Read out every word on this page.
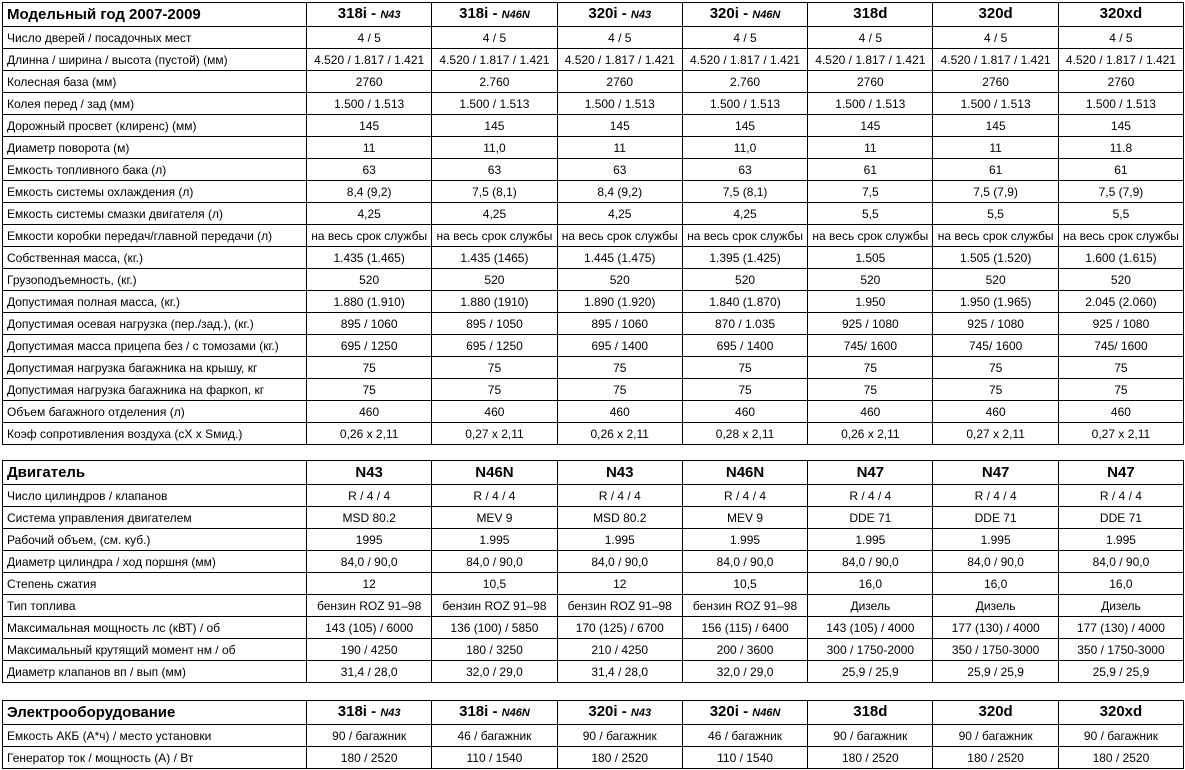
Модельный год 2007-2009	318i - N43	318i - N46N	320i - N43	320i - N46N	318d	320d	320xd
Число дверей / посадочных мест	4 / 5	4 / 5	4 / 5	4 / 5	4 / 5	4 / 5	4 / 5
Длинна / ширина / высота (пустой) (мм)	4.520 / 1.817 / 1.421	4.520 / 1.817 / 1.421	4.520 / 1.817 / 1.421	4.520 / 1.817 / 1.421	4.520 / 1.817 / 1.421	4.520 / 1.817 / 1.421	4.520 / 1.817 / 1.421
Колесная база (мм)	2760	2.760	2760	2.760	2760	2760	2760
Колея перед / зад (мм)	1.500 / 1.513	1.500 / 1.513	1.500 / 1.513	1.500 / 1.513	1.500 / 1.513	1.500 / 1.513	1.500 / 1.513
Дорожный просвет (клиренс) (мм)	145	145	145	145	145	145	145
Диаметр поворота (м)	11	11,0	11	11,0	11	11	11.8
Емкость топливного бака (л)	63	63	63	63	61	61	61
Емкость системы охлаждения (л)	8,4 (9,2)	7,5 (8,1)	8,4 (9,2)	7,5 (8,1)	7,5	7,5 (7,9)	7,5 (7,9)
Емкость системы смазки двигателя (л)	4,25	4,25	4,25	4,25	5,5	5,5	5,5
Емкости коробки передач/главной передачи (л)	на весь срок службы	на весь срок службы	на весь срок службы	на весь срок службы	на весь срок службы	на весь срок службы	на весь срок службы
Собственная масса, (кг.)	1.435 (1.465)	1.435 (1465)	1.445 (1.475)	1.395 (1.425)	1.505	1.505 (1.520)	1.600 (1.615)
Грузоподъемность, (кг.)	520	520	520	520	520	520	520
Допустимая полная масса, (кг.)	1.880 (1.910)	1.880 (1910)	1.890 (1.920)	1.840 (1.870)	1.950	1.950 (1.965)	2.045 (2.060)
Допустимая осевая нагрузка (пер./зад.), (кг.)	895 / 1060	895 / 1050	895 / 1060	870 / 1.035	925 / 1080	925 / 1080	925 / 1080
Допустимая масса прицепа без / с томозами (кг.)	695 / 1250	695 / 1250	695 / 1400	695 / 1400	745/ 1600	745/ 1600	745/ 1600
Допустимая нагрузка багажника на крышу, кг	75	75	75	75	75	75	75
Допустимая нагрузка багажника на фаркоп, кг	75	75	75	75	75	75	75
Объем багажного отделения (л)	460	460	460	460	460	460	460
Коэф сопротивления воздуха (сХ х Sмид.)	0,26 x 2,11	0,27 x 2,11	0,26 x 2,11	0,28 x 2,11	0,26 x 2,11	0,27 x 2,11	0,27 x 2,11
Двигатель	N43	N46N	N43	N46N	N47	N47	N47
Число цилиндров / клапанов	R / 4 / 4	R / 4 / 4	R / 4 / 4	R / 4 / 4	R / 4 / 4	R / 4 / 4	R / 4 / 4
Система управления двигателем	MSD 80.2	MEV 9	MSD 80.2	MEV 9	DDE 71	DDE 71	DDE 71
Рабочий объем, (см. куб.)	1995	1.995	1.995	1.995	1.995	1.995	1.995
Диаметр цилиндра / ход поршня (мм)	84,0 / 90,0	84,0 / 90,0	84,0 / 90,0	84,0 / 90,0	84,0 / 90,0	84,0 / 90,0	84,0 / 90,0
Степень сжатия	12	10,5	12	10,5	16,0	16,0	16,0
Тип топлива	бензин ROZ 91–98	бензин ROZ 91–98	бензин ROZ 91–98	бензин ROZ 91–98	Дизель	Дизель	Дизель
Максимальная мощность лс (кВТ) / об	143 (105) / 6000	136 (100) / 5850	170 (125) / 6700	156 (115) / 6400	143 (105) / 4000	177 (130) / 4000	177 (130) / 4000
Максимальный крутящий момент нм / об	190 / 4250	180 / 3250	210 / 4250	200 / 3600	300 / 1750-2000	350 / 1750-3000	350 / 1750-3000
Диаметр клапанов вп / вып (мм)	31,4 / 28,0	32,0 / 29,0	31,4 / 28,0	32,0 / 29,0	25,9 / 25,9	25,9 / 25,9	25,9 / 25,9
Электрооборудование	318i - N43	318i - N46N	320i - N43	320i - N46N	318d	320d	320xd
Емкость АКБ (А*ч) / место установки	90 / багажник	46 / багажник	90 / багажник	46 / багажник	90 / багажник	90 / багажник	90 / багажник
Генератор ток / мощность (А) / Вт	180 / 2520	110 / 1540	180 / 2520	110 / 1540	180 / 2520	180 / 2520	180 / 2520
